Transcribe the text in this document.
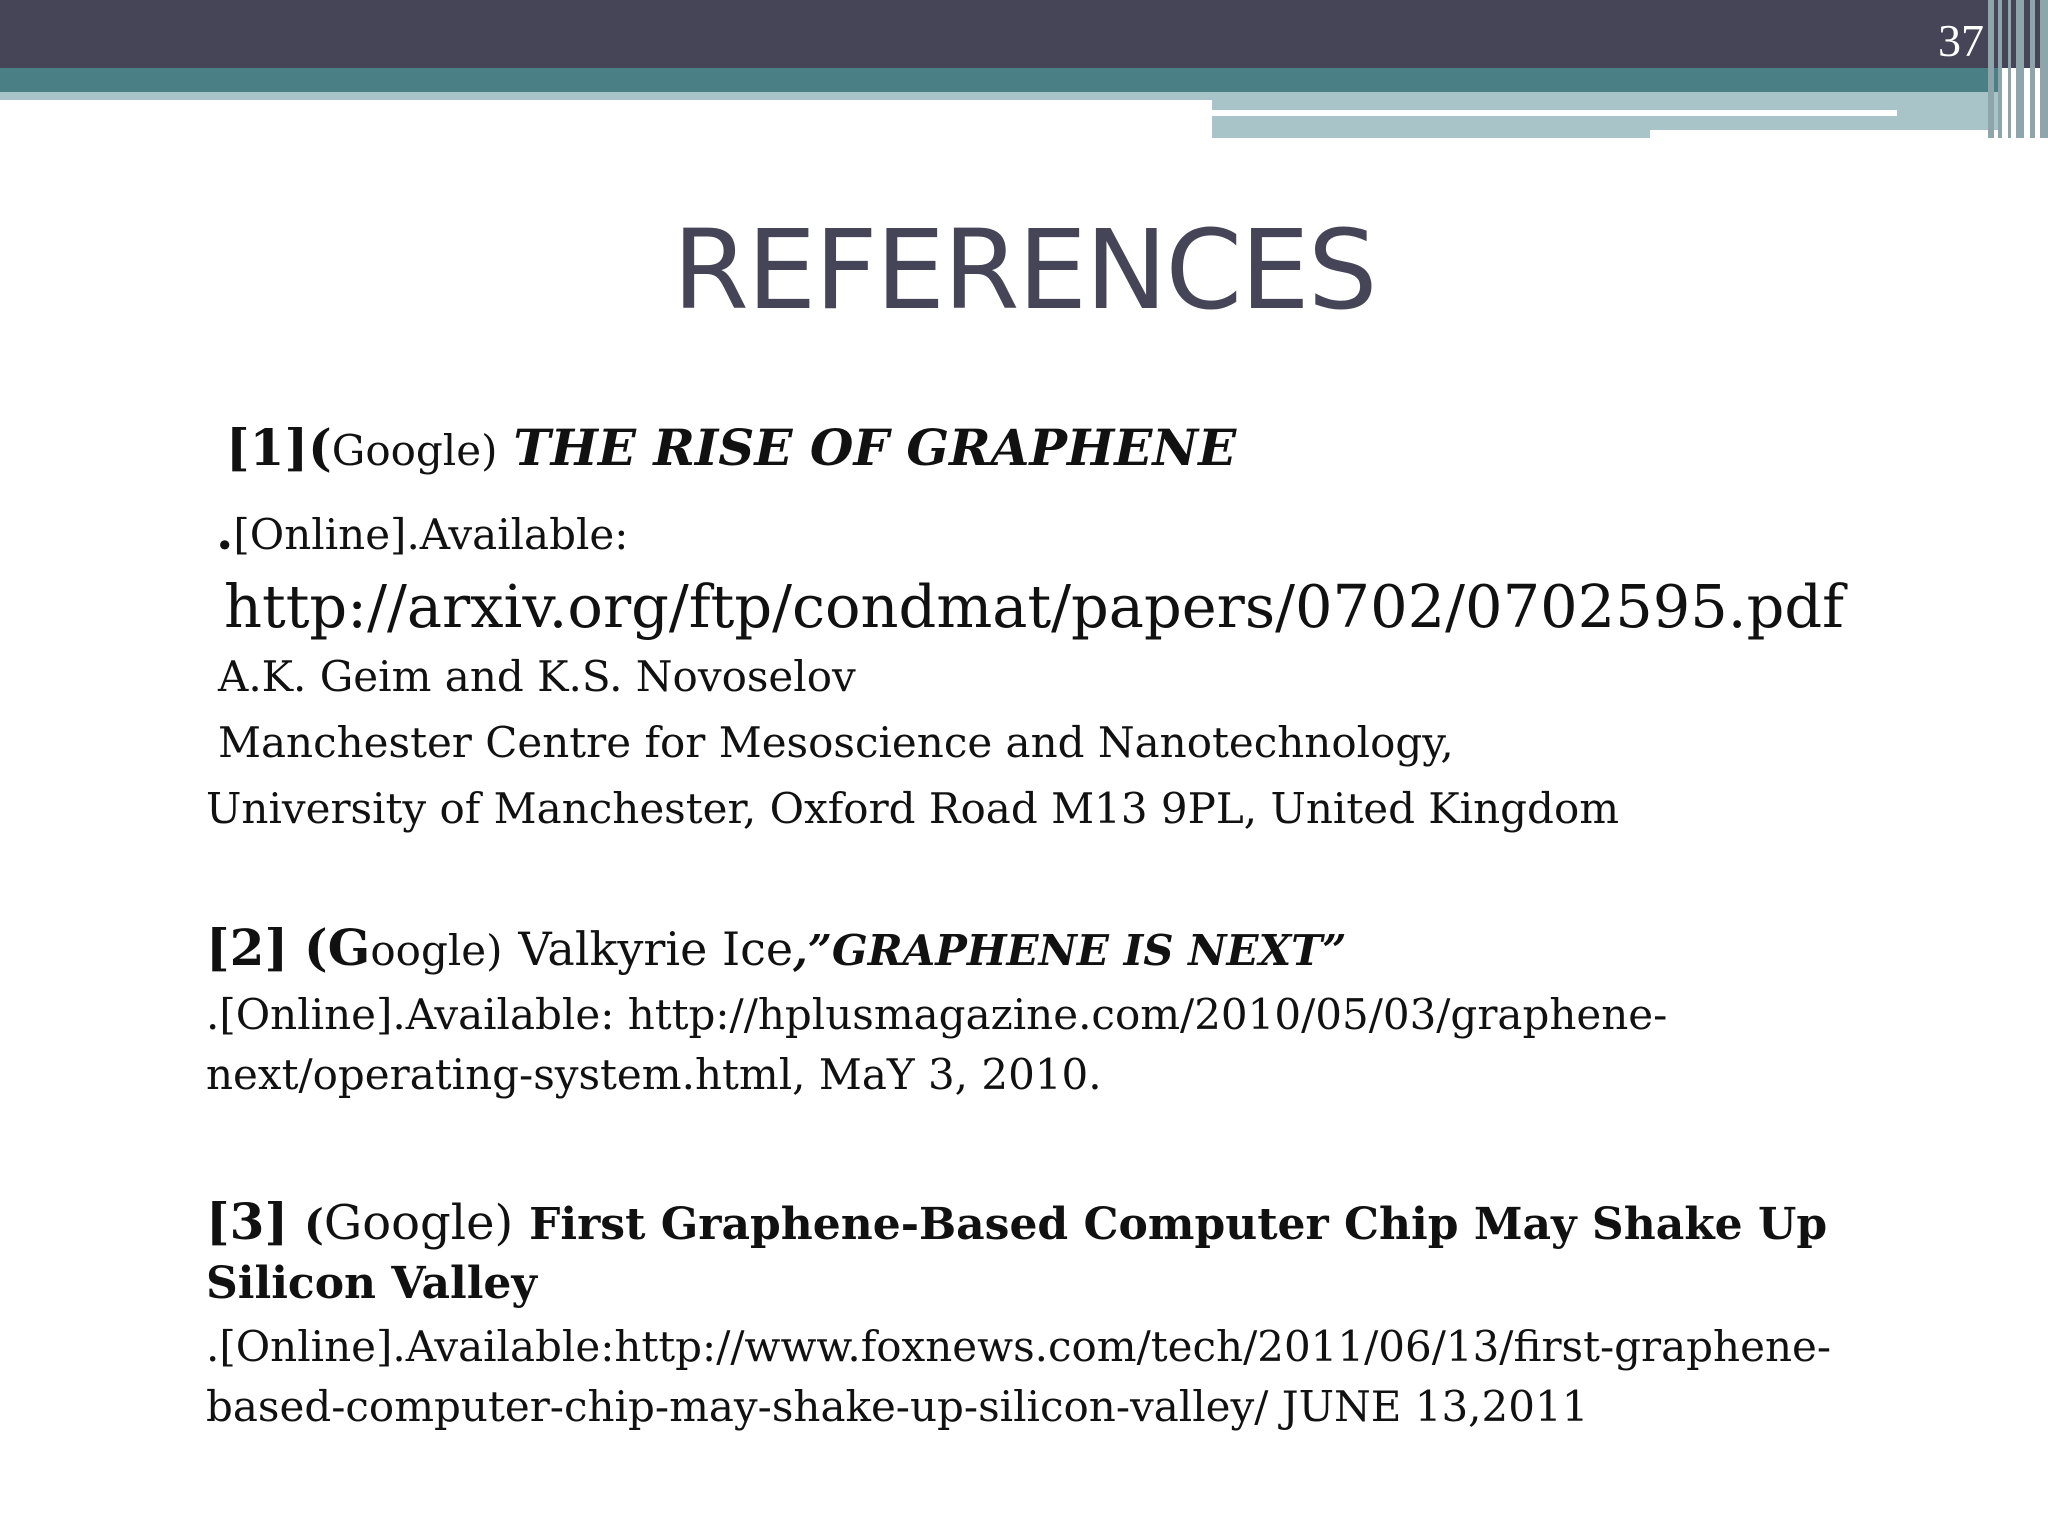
37
REFERENCES
[1](Google) THE RISE OF GRAPHENE
.[Online].Available:
http://arxiv.org/ftp/condmat/papers/0702/0702595.pdf
A.K. Geim and K.S. Novoselov
Manchester Centre for Mesoscience and Nanotechnology,
University of Manchester, Oxford Road M13 9PL, United Kingdom
[2] (Google) Valkyrie Ice,”GRAPHENE IS NEXT”
.[Online].Available: http://hplusmagazine.com/2010/05/03/graphene-
next/operating-system.html, MaY 3, 2010.
[3] (Google) First Graphene-Based Computer Chip May Shake Up
Silicon Valley
.[Online].Available:http://www.foxnews.com/tech/2011/06/13/first-graphene-
based-computer-chip-may-shake-up-silicon-valley/ JUNE 13,2011
